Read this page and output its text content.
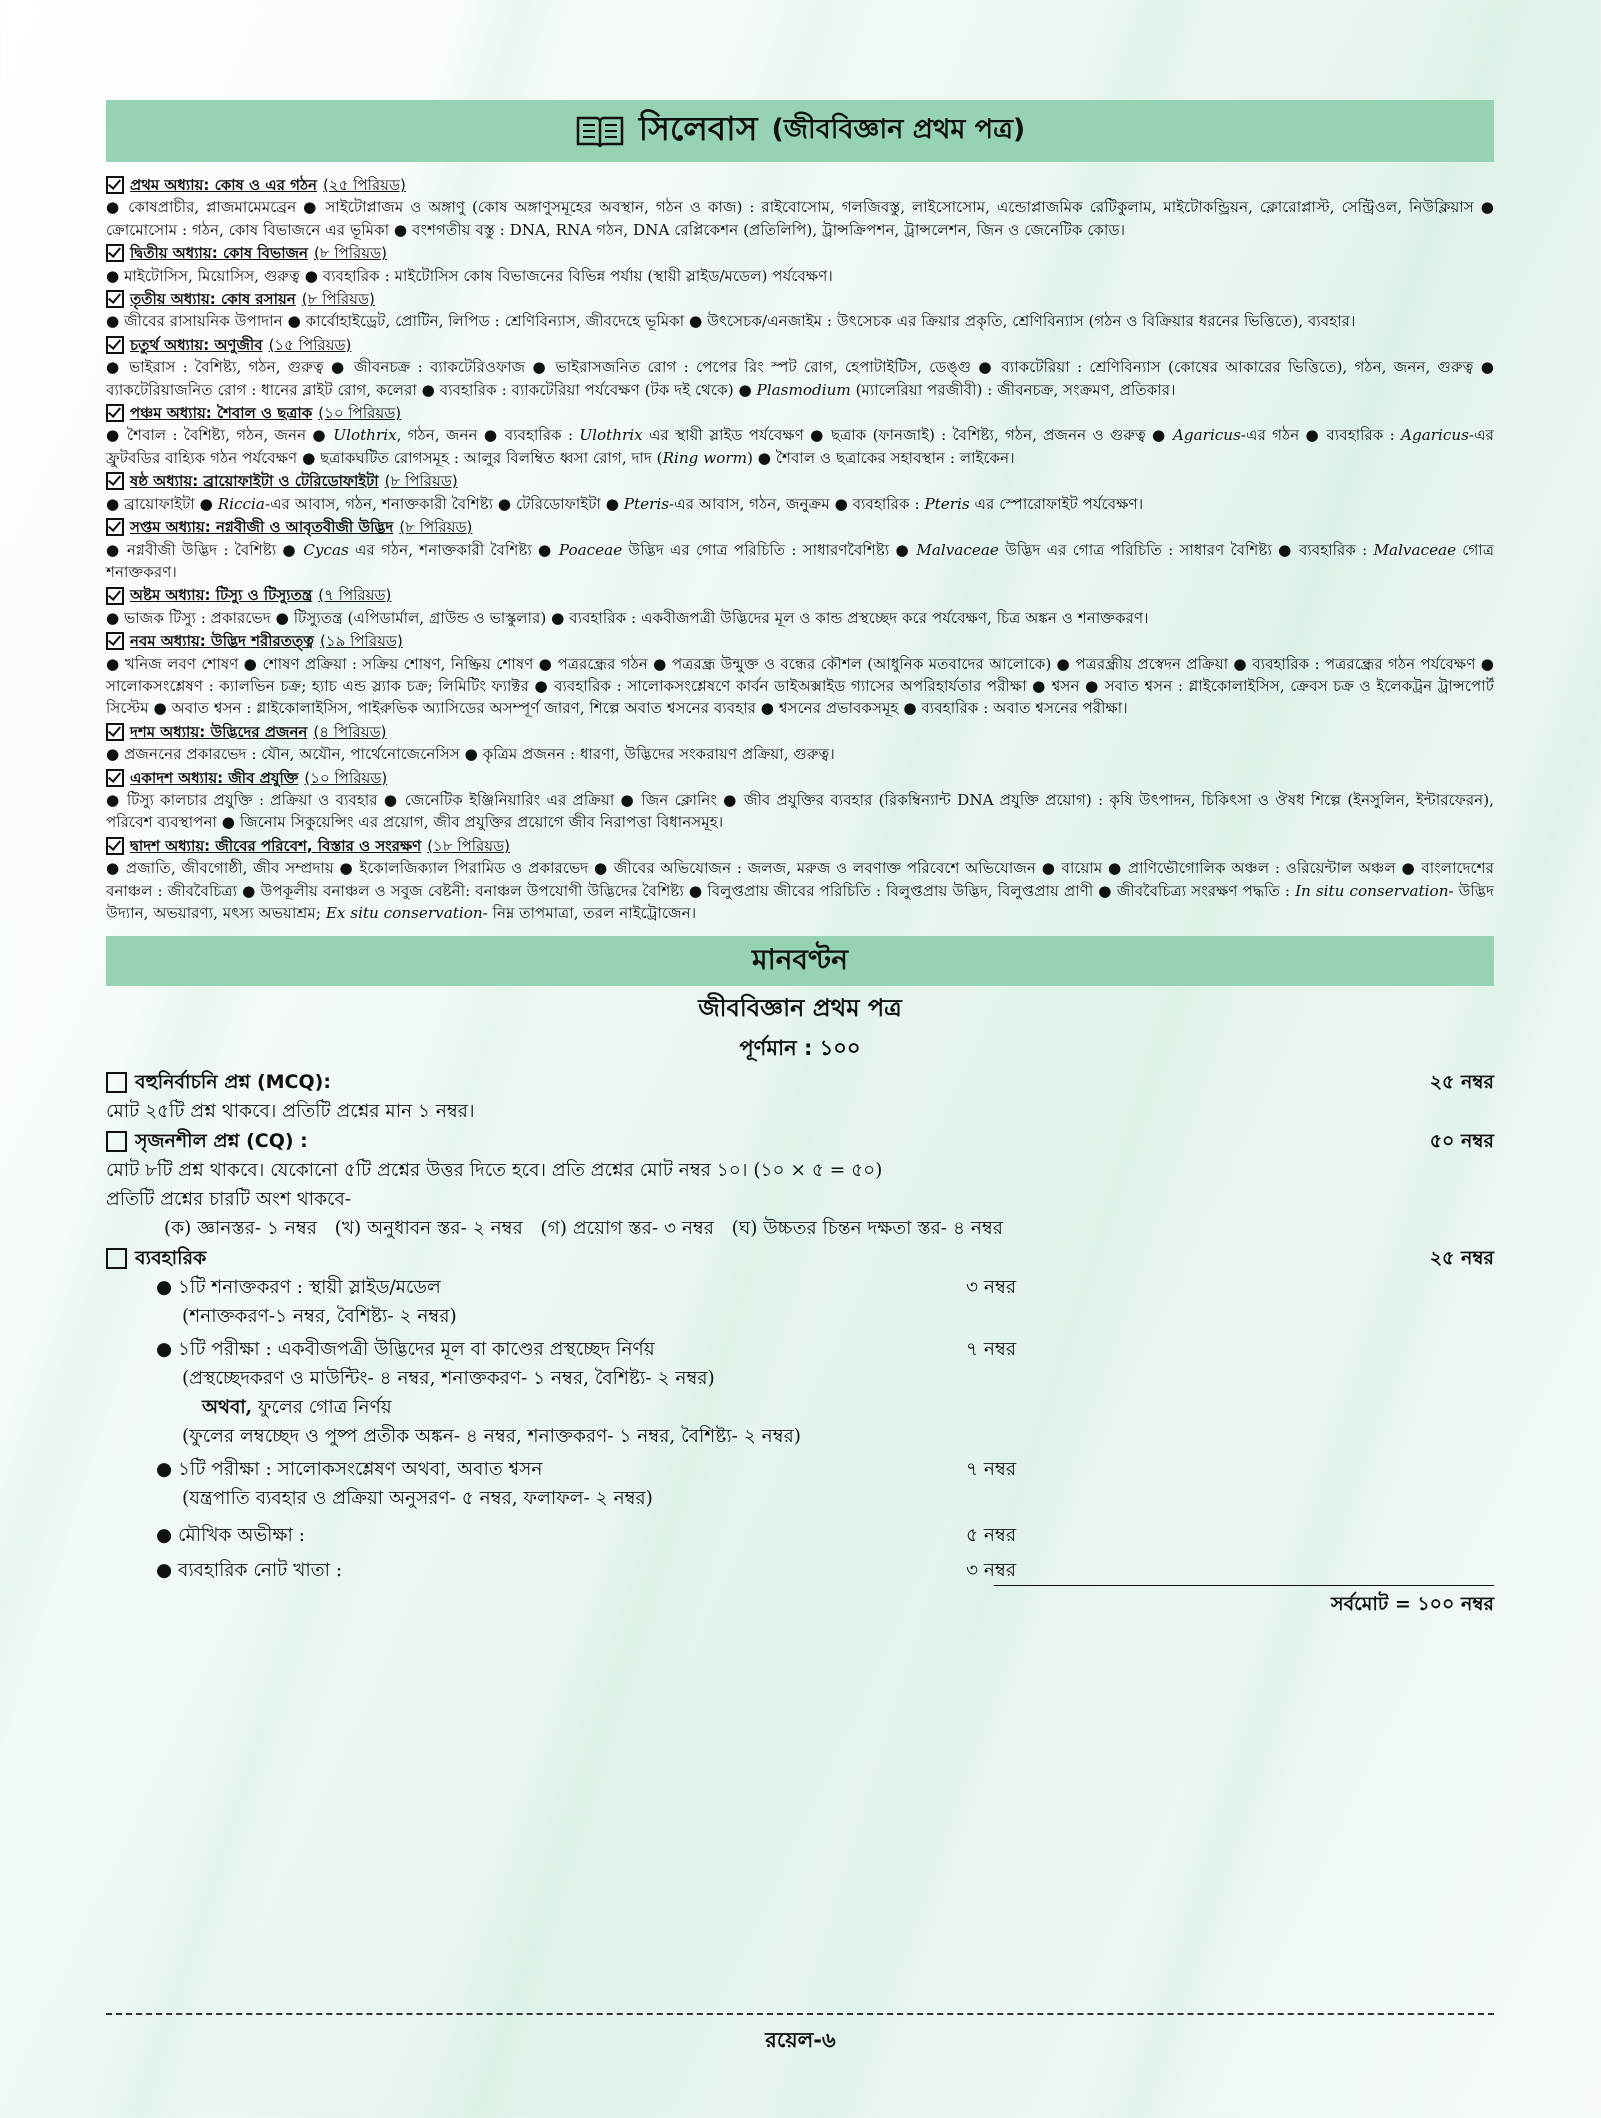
সিলেবাস (জীববিজ্ঞান প্রথম পত্র)
প্রথম অধ্যায়: কোষ ও এর গঠন (২৫ পিরিয়ড)

● কোষপ্রাচীর, প্লাজমামেমব্রেন ● সাইটোপ্লাজম ও অঙ্গাণু (কোষ অঙ্গাণুসমূহের অবস্থান, গঠন ও কাজ) : রাইবোসোম, গলজিবস্তু, লাইসোসোম, এন্ডোপ্লাজমিক রেটিকুলাম, মাইটোকন্ড্রিয়ন, ক্লোরোপ্লাস্ট, সেন্ট্রিওল, নিউক্লিয়াস ● ক্রোমোসোম : গঠন, কোষ বিভাজনে এর ভূমিকা ● বংশগতীয় বস্তু : DNA, RNA গঠন, DNA রেপ্লিকেশন (প্রতিলিপি), ট্রান্সক্রিপশন, ট্রান্সলেশন, জিন ও জেনেটিক কোড।

দ্বিতীয় অধ্যায়: কোষ বিভাজন (৮ পিরিয়ড)

● মাইটোসিস, মিয়োসিস, গুরুত্ব ● ব্যবহারিক : মাইটোসিস কোষ বিভাজনের বিভিন্ন পর্যায় (স্থায়ী স্লাইড/মডেল) পর্যবেক্ষণ।

তৃতীয় অধ্যায়: কোষ রসায়ন (৮ পিরিয়ড)

● জীবের রাসায়নিক উপাদান ● কার্বোহাইড্রেট, প্রোটিন, লিপিড : শ্রেণিবিন্যাস, জীবদেহে ভূমিকা ● উৎসেচক/এনজাইম : উৎসেচক এর ক্রিয়ার প্রকৃতি, শ্রেণিবিন্যাস (গঠন ও বিক্রিয়ার ধরনের ভিত্তিতে), ব্যবহার।

চতুর্থ অধ্যায়: অণুজীব (১৫ পিরিয়ড)

● ভাইরাস : বৈশিষ্ট্য, গঠন, গুরুত্ব ● জীবনচক্র : ব্যাকটেরিওফাজ ● ভাইরাসজনিত রোগ : পেপের রিং স্পট রোগ, হেপাটাইটিস, ডেঙ্গু ● ব্যাকটেরিয়া : শ্রেণিবিন্যাস (কোষের আকারের ভিত্তিতে), গঠন, জনন, গুরুত্ব ● ব্যাকটেরিয়াজনিত রোগ : ধানের ব্লাইট রোগ, কলেরা ● ব্যবহারিক : ব্যাকটেরিয়া পর্যবেক্ষণ (টক দই থেকে) ● Plasmodium (ম্যালেরিয়া পরজীবী) : জীবনচক্র, সংক্রমণ, প্রতিকার।

পঞ্চম অধ্যায়: শৈবাল ও ছত্রাক (১০ পিরিয়ড)

● শৈবাল : বৈশিষ্ট্য, গঠন, জনন ● Ulothrix, গঠন, জনন ● ব্যবহারিক : Ulothrix এর স্থায়ী স্লাইড পর্যবেক্ষণ ● ছত্রাক (ফানজাই) : বৈশিষ্ট্য, গঠন, প্রজনন ও গুরুত্ব ● Agaricus-এর গঠন ● ব্যবহারিক : Agaricus-এর ফ্রুটবডির বাহ্যিক গঠন পর্যবেক্ষণ ● ছত্রাকঘটিত রোগসমূহ : আলুর বিলম্বিত ধ্বসা রোগ, দাদ (Ring worm) ● শৈবাল ও ছত্রাকের সহাবস্থান : লাইকেন।

ষষ্ঠ অধ্যায়: ব্রায়োফাইটা ও টেরিডোফাইটা (৮ পিরিয়ড)

● ব্রায়োফাইটা ● Riccia-এর আবাস, গঠন, শনাক্তকারী বৈশিষ্ট্য ● টেরিডোফাইটা ● Pteris-এর আবাস, গঠন, জনুক্রম ● ব্যবহারিক : Pteris এর স্পোরোফাইট পর্যবেক্ষণ।

সপ্তম অধ্যায়: নগ্নবীজী ও আবৃতবীজী উদ্ভিদ (৮ পিরিয়ড)

● নগ্নবীজী উদ্ভিদ : বৈশিষ্ট্য ● Cycas এর গঠন, শনাক্তকারী বৈশিষ্ট্য ● Poaceae উদ্ভিদ এর গোত্র পরিচিতি : সাধারণবৈশিষ্ট্য ● Malvaceae উদ্ভিদ এর গোত্র পরিচিতি : সাধারণ বৈশিষ্ট্য ● ব্যবহারিক : Malvaceae গোত্র শনাক্তকরণ।

অষ্টম অধ্যায়: টিস্যু ও টিস্যুতন্ত্র (৭ পিরিয়ড)

● ভাজক টিস্যু : প্রকারভেদ ● টিস্যুতন্ত্র (এপিডার্মাল, গ্রাউন্ড ও ভাস্কুলার) ● ব্যবহারিক : একবীজপত্রী উদ্ভিদের মূল ও কান্ড প্রস্থচ্ছেদ করে পর্যবেক্ষণ, চিত্র অঙ্কন ও শনাক্তকরণ।

নবম অধ্যায়: উদ্ভিদ শরীরতত্ত্ব (১৯ পিরিয়ড)

● খনিজ লবণ শোষণ ● শোষণ প্রক্রিয়া : সক্রিয় শোষণ, নিষ্ক্রিয় শোষণ ● পত্ররন্ধ্রের গঠন ● পত্ররন্ধ্র উন্মুক্ত ও বন্ধের কৌশল (আধুনিক মতবাদের আলোকে) ● পত্ররন্ধ্রীয় প্রস্বেদন প্রক্রিয়া ● ব্যবহারিক : পত্ররন্ধ্রের গঠন পর্যবেক্ষণ ● সালোকসংশ্লেষণ : ক্যালভিন চক্র; হ্যাচ এন্ড স্ল্যাক চক্র; লিমিটিং ফ্যাক্টর ● ব্যবহারিক : সালোকসংশ্লেষণে কার্বন ডাইঅক্সাইড গ্যাসের অপরিহার্যতার পরীক্ষা ● শ্বসন ● সবাত শ্বসন : গ্লাইকোলাইসিস, ক্রেবস চক্র ও ইলেকট্রন ট্রান্সপোর্ট সিস্টেম ● অবাত শ্বসন : গ্লাইকোলাইসিস, পাইরুভিক অ্যাসিডের অসম্পূর্ণ জারণ, শিল্পে অবাত শ্বসনের ব্যবহার ● শ্বসনের প্রভাবকসমূহ ● ব্যবহারিক : অবাত শ্বসনের পরীক্ষা।

দশম অধ্যায়: উদ্ভিদের প্রজনন (৪ পিরিয়ড)

● প্রজননের প্রকারভেদ : যৌন, অযৌন, পার্থেনোজেনেসিস ● কৃত্রিম প্রজনন : ধারণা, উদ্ভিদের সংকরায়ণ প্রক্রিয়া, গুরুত্ব।

একাদশ অধ্যায়: জীব প্রযুক্তি (১০ পিরিয়ড)

● টিস্যু কালচার প্রযুক্তি : প্রক্রিয়া ও ব্যবহার ● জেনেটিক ইঞ্জিনিয়ারিং এর প্রক্রিয়া ● জিন ক্লোনিং ● জীব প্রযুক্তির ব্যবহার (রিকম্বিন্যান্ট DNA প্রযুক্তি প্রয়োগ) : কৃষি উৎপাদন, চিকিৎসা ও ঔষধ শিল্পে (ইনসুলিন, ইন্টারফেরন), পরিবেশ ব্যবস্থাপনা ● জিনোম সিকুয়েন্সিং এর প্রয়োগ, জীব প্রযুক্তির প্রয়োগে জীব নিরাপত্তা বিধানসমূহ।

দ্বাদশ অধ্যায়: জীবের পরিবেশ, বিস্তার ও সংরক্ষণ (১৮ পিরিয়ড)

● প্রজাতি, জীবগোষ্ঠী, জীব সম্প্রদায় ● ইকোলজিক্যাল পিরামিড ও প্রকারভেদ ● জীবের অভিযোজন : জলজ, মরুজ ও লবণাক্ত পরিবেশে অভিযোজন ● বায়োম ● প্রাণিভৌগোলিক অঞ্চল : ওরিয়েন্টাল অঞ্চল ● বাংলাদেশের বনাঞ্চল : জীববৈচিত্র্য ● উপকূলীয় বনাঞ্চল ও সবুজ বেষ্টনী: বনাঞ্চল উপযোগী উদ্ভিদের বৈশিষ্ট্য ● বিলুপ্তপ্রায় জীবের পরিচিতি : বিলুপ্তপ্রায় উদ্ভিদ, বিলুপ্তপ্রায় প্রাণী ● জীববৈচিত্র্য সংরক্ষণ পদ্ধতি : In situ conservation- উদ্ভিদ উদ্যান, অভয়ারণ্য, মৎস্য অভয়াশ্রম; Ex situ conservation- নিম্ন তাপমাত্রা, তরল নাইট্রোজেন।

মানবণ্টন
জীববিজ্ঞান প্রথম পত্র
পূর্ণমান : ১০০
বহুনির্বাচনি প্রশ্ন (MCQ):	২৫ নম্বর
মোট ২৫টি প্রশ্ন থাকবে। প্রতিটি প্রশ্নের মান ১ নম্বর।
সৃজনশীল প্রশ্ন (CQ) :	৫০ নম্বর
মোট ৮টি প্রশ্ন থাকবে। যেকোনো ৫টি প্রশ্নের উত্তর দিতে হবে। প্রতি প্রশ্নের মোট নম্বর ১০। (১০ × ৫ = ৫০)
প্রতিটি প্রশ্নের চারটি অংশ থাকবে-
(ক) জ্ঞানস্তর- ১ নম্বর   (খ) অনুধাবন স্তর- ২ নম্বর   (গ) প্রয়োগ স্তর- ৩ নম্বর   (ঘ) উচ্চতর চিন্তন দক্ষতা স্তর- ৪ নম্বর
ব্যবহারিক	২৫ নম্বর
● ১টি শনাক্তকরণ : স্থায়ী স্লাইড/মডেল	৩ নম্বর
(শনাক্তকরণ-১ নম্বর, বৈশিষ্ট্য- ২ নম্বর)
● ১টি পরীক্ষা : একবীজপত্রী উদ্ভিদের মূল বা কাণ্ডের প্রস্থচ্ছেদ নির্ণয়	৭ নম্বর
(প্রস্থচ্ছেদকরণ ও মাউন্টিং- ৪ নম্বর, শনাক্তকরণ- ১ নম্বর, বৈশিষ্ট্য- ২ নম্বর)
অথবা, ফুলের গোত্র নির্ণয়
(ফুলের লম্বচ্ছেদ ও পুষ্প প্রতীক অঙ্কন- ৪ নম্বর, শনাক্তকরণ- ১ নম্বর, বৈশিষ্ট্য- ২ নম্বর)
● ১টি পরীক্ষা : সালোকসংশ্লেষণ অথবা, অবাত শ্বসন	৭ নম্বর
(যন্ত্রপাতি ব্যবহার ও প্রক্রিয়া অনুসরণ- ৫ নম্বর, ফলাফল- ২ নম্বর)
● মৌখিক অভীক্ষা :	৫ নম্বর
● ব্যবহারিক নোট খাতা :	৩ নম্বর
সর্বমোট = ১০০ নম্বর
রয়েল-৬
